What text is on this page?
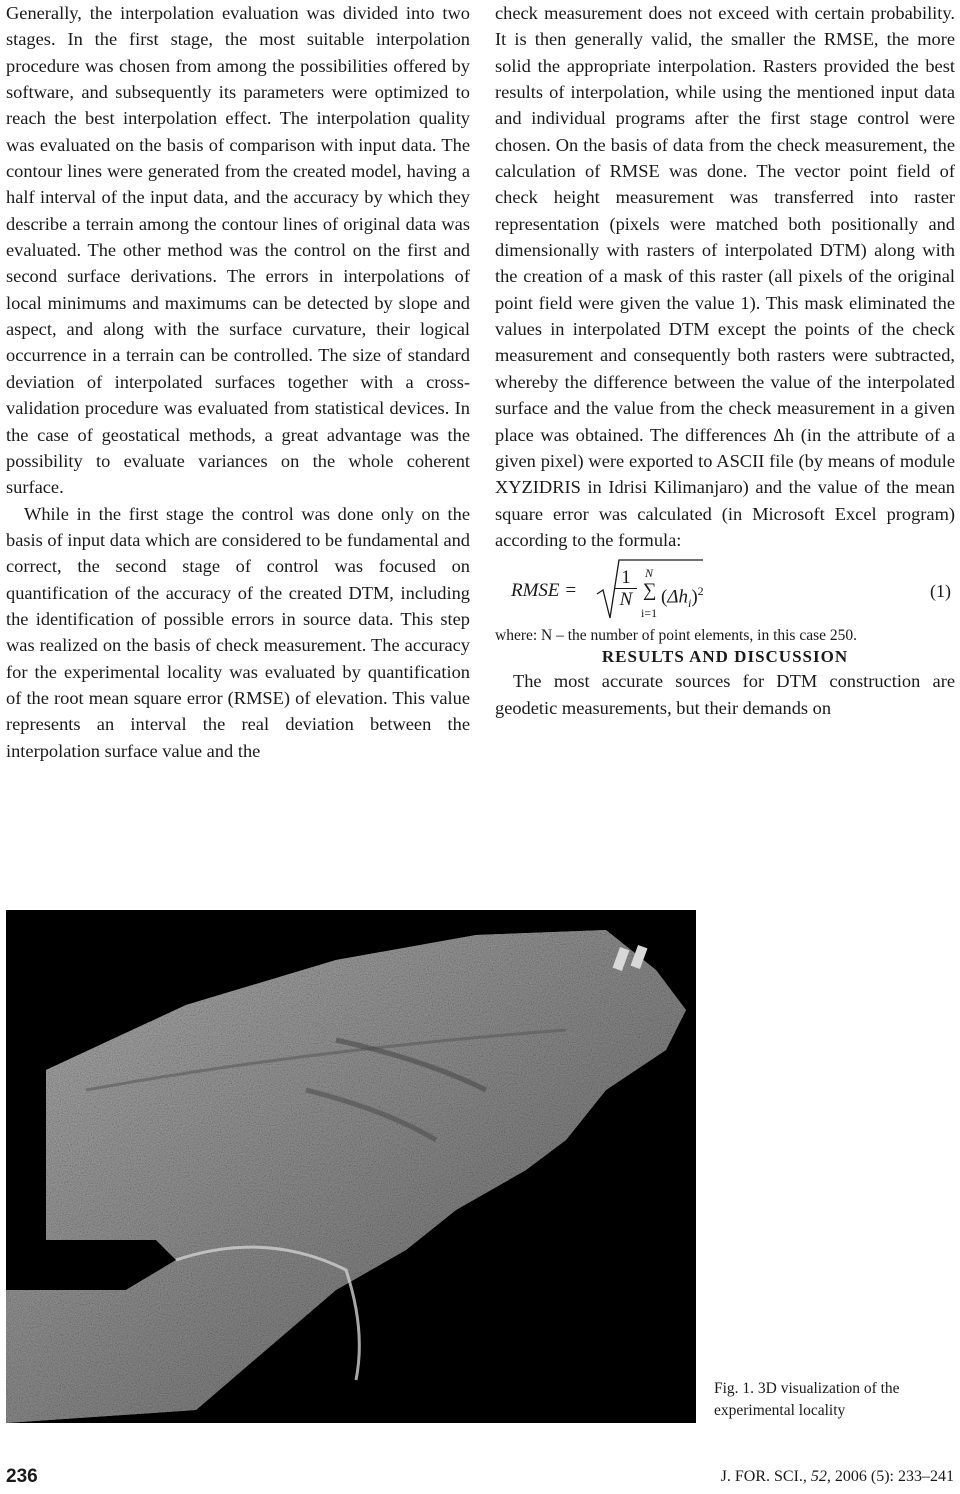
Generally, the interpolation evaluation was divided into two stages. In the first stage, the most suitable interpolation procedure was chosen from among the possibilities offered by software, and subsequently its parameters were optimized to reach the best interpolation effect. The interpolation quality was evaluated on the basis of comparison with input data. The contour lines were generated from the created model, having a half interval of the input data, and the accuracy by which they describe a terrain among the contour lines of original data was evaluated. The other method was the control on the first and second surface derivations. The errors in interpolations of local minimums and maximums can be detected by slope and aspect, and along with the surface curvature, their logical occurrence in a terrain can be controlled. The size of standard deviation of interpolated surfaces together with a cross-validation procedure was evaluated from statistical devices. In the case of geostatical methods, a great advantage was the possibility to evaluate variances on the whole coherent surface.

While in the first stage the control was done only on the basis of input data which are considered to be fundamental and correct, the second stage of control was focused on quantification of the accuracy of the created DTM, including the identification of possible errors in source data. This step was realized on the basis of check measurement. The accuracy for the experimental locality was evaluated by quantification of the root mean square error (RMSE) of elevation. This value represents an interval the real deviation between the interpolation surface value and the

check measurement does not exceed with certain probability. It is then generally valid, the smaller the RMSE, the more solid the appropriate interpolation. Rasters provided the best results of interpolation, while using the mentioned input data and individual programs after the first stage control were chosen. On the basis of data from the check measurement, the calculation of RMSE was done. The vector point field of check height measurement was transferred into raster representation (pixels were matched both positionally and dimensionally with rasters of interpolated DTM) along with the creation of a mask of this raster (all pixels of the original point field were given the value 1). This mask eliminated the values in interpolated DTM except the points of the check measurement and consequently both rasters were subtracted, whereby the difference between the value of the interpolated surface and the value from the check measurement in a given place was obtained. The differences Δh (in the attribute of a given pixel) were exported to ASCII file (by means of module XYZIDRIS in Idrisi Kilimanjaro) and the value of the mean square error was calculated (in Microsoft Excel program) according to the formula:

RMSE =
1
N
N
∑
i=1
$(\Delta h_i)^2$	(1)

where: N – the number of point elements, in this case 250.

RESULTS AND DISCUSSION

The most accurate sources for DTM construction are geodetic measurements, but their demands on

Fig. 1. 3D visualization of the experimental locality
236	J. FOR. SCI., 52, 2006 (5): 233–241
